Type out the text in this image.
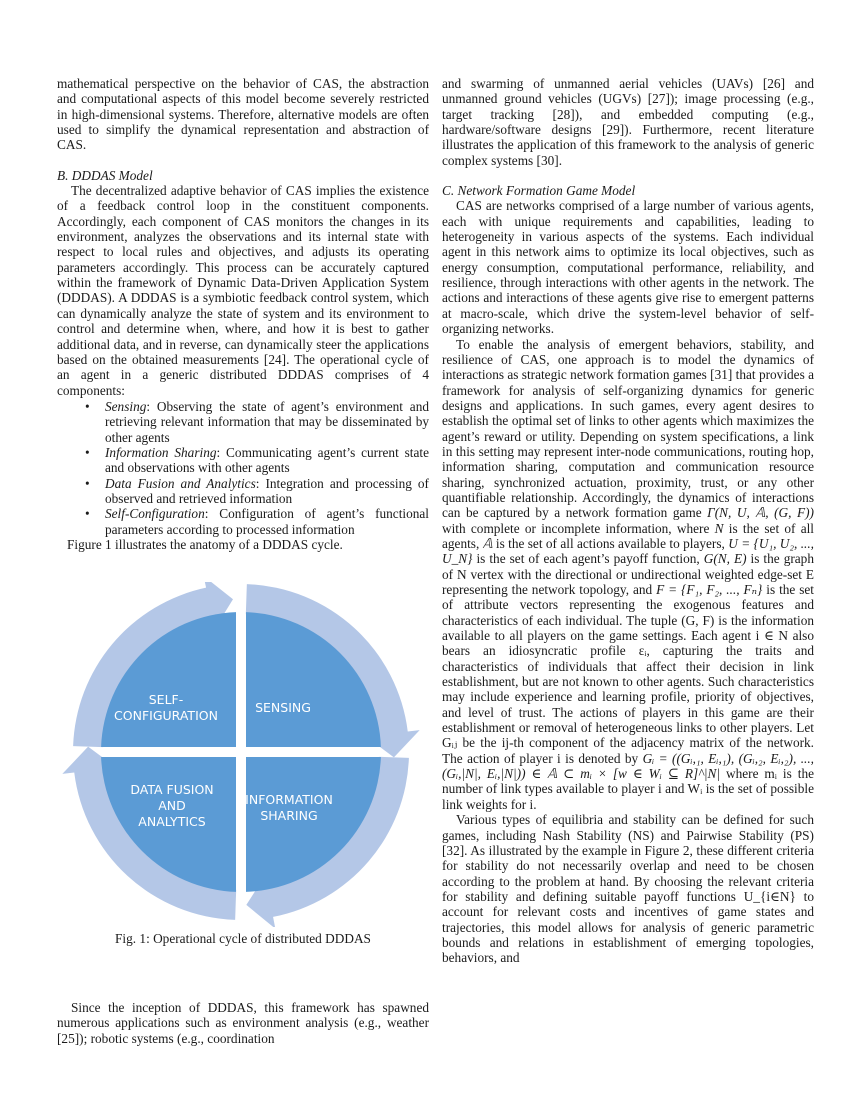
mathematical perspective on the behavior of CAS, the abstraction and computational aspects of this model become severely restricted in high-dimensional systems. Therefore, alternative models are often used to simplify the dynamical representation and abstraction of CAS.

B. DDDAS Model

The decentralized adaptive behavior of CAS implies the existence of a feedback control loop in the constituent components. Accordingly, each component of CAS monitors the changes in its environment, analyzes the observations and its internal state with respect to local rules and objectives, and adjusts its operating parameters accordingly. This process can be accurately captured within the framework of Dynamic Data-Driven Application System (DDDAS). A DDDAS is a symbiotic feedback control system, which can dynamically analyze the state of system and its environment to control and determine when, where, and how it is best to gather additional data, and in reverse, can dynamically steer the applications based on the obtained measurements [24]. The operational cycle of an agent in a generic distributed DDDAS comprises of 4 components:

• Sensing: Observing the state of agent’s environment and retrieving relevant information that may be disseminated by other agents
• Information Sharing: Communicating agent’s current state and observations with other agents
• Data Fusion and Analytics: Integration and processing of observed and retrieved information
• Self-Configuration: Configuration of agent’s functional parameters according to processed information

Figure 1 illustrates the anatomy of a DDDAS cycle.

SELF-CONFIGURATION
SENSING
INFORMATION SHARING
DATA FUSION AND ANALYTICS
Fig. 1: Operational cycle of distributed DDDAS

Since the inception of DDDAS, this framework has spawned numerous applications such as environment analysis (e.g., weather [25]); robotic systems (e.g., coordination

and swarming of unmanned aerial vehicles (UAVs) [26] and unmanned ground vehicles (UGVs) [27]); image processing (e.g., target tracking [28]), and embedded computing (e.g., hardware/software designs [29]). Furthermore, recent literature illustrates the application of this framework to the analysis of generic complex systems [30].

C. Network Formation Game Model

CAS are networks comprised of a large number of various agents, each with unique requirements and capabilities, leading to heterogeneity in various aspects of the systems. Each individual agent in this network aims to optimize its local objectives, such as energy consumption, computational performance, reliability, and resilience, through interactions with other agents in the network. The actions and interactions of these agents give rise to emergent patterns at macro-scale, which drive the system-level behavior of self-organizing networks.

To enable the analysis of emergent behaviors, stability, and resilience of CAS, one approach is to model the dynamics of interactions as strategic network formation games [31] that provides a framework for analysis of self-organizing dynamics for generic designs and applications. In such games, every agent desires to establish the optimal set of links to other agents which maximizes the agent’s reward or utility. Depending on system specifications, a link in this setting may represent inter-node communications, routing hop, information sharing, computation and communication resource sharing, synchronized actuation, proximity, trust, or any other quantifiable relationship. Accordingly, the dynamics of interactions can be captured by a network formation game Γ(N, U, 𝔸, (G, F)) with complete or incomplete information, where N is the set of all agents, 𝔸 is the set of all actions available to players, U = {U₁, U₂, ..., U_N} is the set of each agent’s payoff function, G(N, E) is the graph of N vertex with the directional or undirectional weighted edge-set E representing the network topology, and F = {F₁, F₂, ..., Fₙ} is the set of attribute vectors representing the exogenous features and characteristics of each individual. The tuple (G, F) is the information available to all players on the game settings. Each agent i ∈ N also bears an idiosyncratic profile εᵢ, capturing the traits and characteristics of individuals that affect their decision in link establishment, but are not known to other agents. Such characteristics may include experience and learning profile, priority of objectives, and level of trust. The actions of players in this game are their establishment or removal of heterogeneous links to other players. Let Gᵢⱼ be the ij-th component of the adjacency matrix of the network. The action of player i is denoted by Gᵢ = ((Gᵢ,₁, Eᵢ,₁), (Gᵢ,₂, Eᵢ,₂), ..., (Gᵢ,|N|, Eᵢ,|N|)) ∈ 𝔸 ⊂ mᵢ × [w ∈ Wᵢ ⊆ R]^|N| where mᵢ is the number of link types available to player i and Wᵢ is the set of possible link weights for i.

Various types of equilibria and stability can be defined for such games, including Nash Stability (NS) and Pairwise Stability (PS) [32]. As illustrated by the example in Figure 2, these different criteria for stability do not necessarily overlap and need to be chosen according to the problem at hand. By choosing the relevant criteria for stability and defining suitable payoff functions U_{i∈N} to account for relevant costs and incentives of game states and trajectories, this model allows for analysis of generic parametric bounds and relations in establishment of emerging topologies, behaviors, and
